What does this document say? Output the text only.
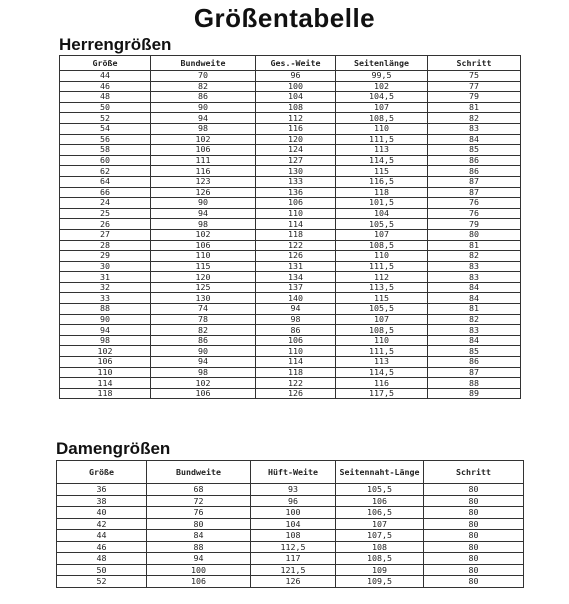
Größentabelle
Herrengrößen
Größe	Bundweite	Ges.-Weite	Seitenlänge	Schritt
44	70	96	99,5	75
46	82	100	102	77
48	86	104	104,5	79
50	90	108	107	81
52	94	112	108,5	82
54	98	116	110	83
56	102	120	111,5	84
58	106	124	113	85
60	111	127	114,5	86
62	116	130	115	86
64	123	133	116,5	87
66	126	136	118	87
24	90	106	101,5	76
25	94	110	104	76
26	98	114	105,5	79
27	102	118	107	80
28	106	122	108,5	81
29	110	126	110	82
30	115	131	111,5	83
31	120	134	112	83
32	125	137	113,5	84
33	130	140	115	84
88	74	94	105,5	81
90	78	98	107	82
94	82	86	108,5	83
98	86	106	110	84
102	90	110	111,5	85
106	94	114	113	86
110	98	118	114,5	87
114	102	122	116	88
118	106	126	117,5	89
Damengrößen
Größe	Bundweite	Hüft-Weite	Seitennaht-Länge	Schritt
36	68	93	105,5	80
38	72	96	106	80
40	76	100	106,5	80
42	80	104	107	80
44	84	108	107,5	80
46	88	112,5	108	80
48	94	117	108,5	80
50	100	121,5	109	80
52	106	126	109,5	80
